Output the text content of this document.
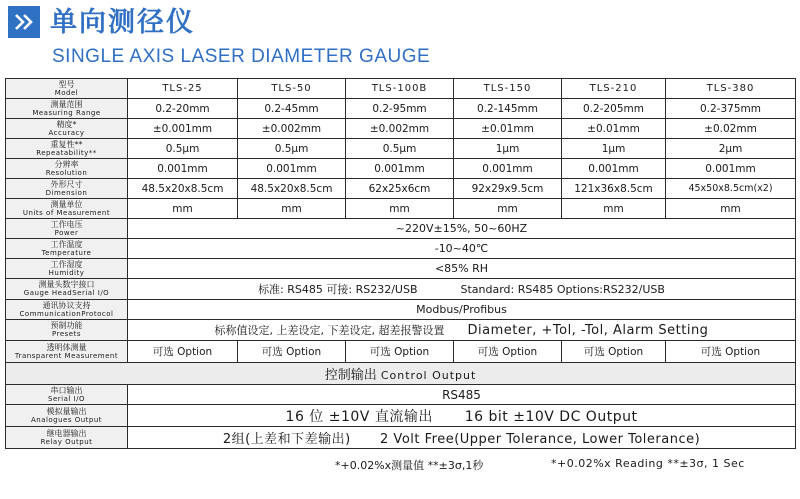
单向测径仪
SINGLE AXIS LASER DIAMETER GAUGE
型号
Model	TLS-25	TLS-50	TLS-100B	TLS-150	TLS-210	TLS-380

测量范围
Measuring Range	0.2-20mm	0.2-45mm	0.2-95mm	0.2-145mm	0.2-205mm	0.2-375mm

精度*
Accuracy	±0.001mm	±0.002mm	±0.002mm	±0.01mm	±0.01mm	±0.02mm

重复性**
Repeatability**	0.5μm	0.5μm	0.5μm	1μm	1μm	2μm

分辨率
Resolution	0.001mm	0.001mm	0.001mm	0.001mm	0.001mm	0.001mm

外形尺寸
Dimension	48.5x20x8.5cm	48.5x20x8.5cm	62x25x6cm	92x29x9.5cm	121x36x8.5cm	45x50x8.5cm(x2)

测量单位
Units of Measurement	mm	mm	mm	mm	mm	mm

工作电压
Power	~220V±15%, 50~60HZ					

工作温度
Temperature	-10~40℃					

工作湿度
Humidity	<85% RH					

测量头数字接口
Gauge HeadSerial I/O	标准: RS485 可接: RS232/USB Standard: RS485 Options:RS232/USB					

通讯协议支持
CommunicationProtocol	Modbus/Profibus					

预制功能
Presets	标称值设定, 上差设定, 下差设定, 超差报警设置 Diameter, +Tol, -Tol, Alarm Setting					

透明体测量
Transparent Measurement	可选 Option	可选 Option	可选 Option	可选 Option	可选 Option	可选 Option
控制输出 Control Output						

串口输出
Serial I/O	RS485					

模拟量输出
Analogues Output	16 位 ±10V 直流输出 16 bit ±10V DC Output					

继电器输出
Relay Output	2组(上差和下差输出) 2 Volt Free(Upper Tolerance, Lower Tolerance)					
*+0.02%x测量值 **±3σ,1秒	*+0.02%x Reading **±3σ, 1 Sec
